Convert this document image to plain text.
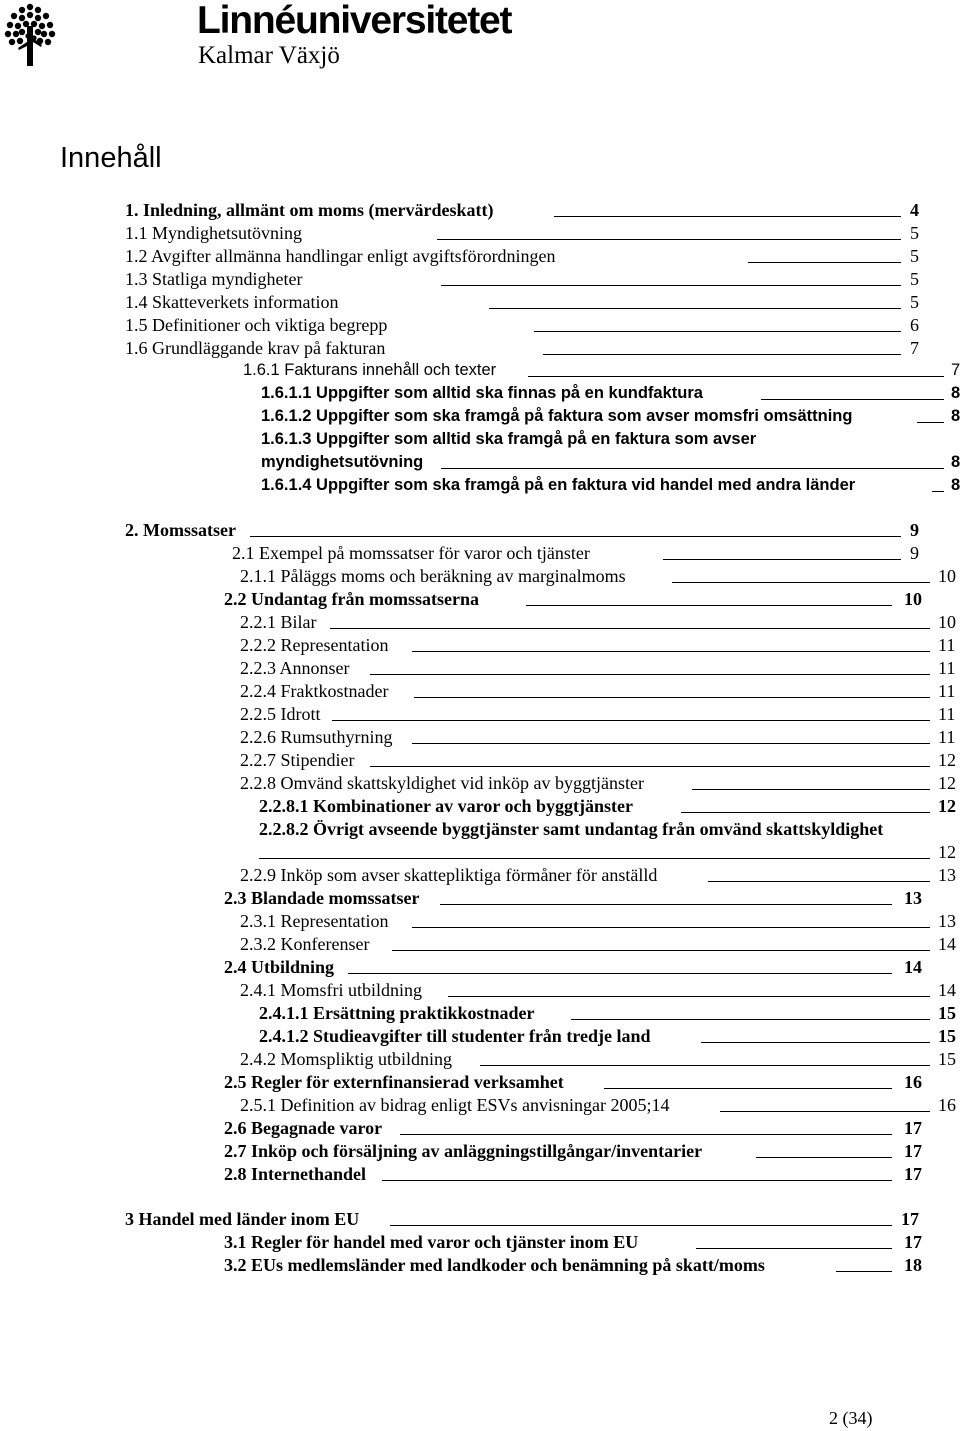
Linnéuniversitetet
Kalmar Växjö
Innehåll
1. Inledning, allmänt om moms (mervärdeskatt)	4
1.1 Myndighetsutövning	5
1.2 Avgifter allmänna handlingar enligt avgiftsförordningen	5
1.3 Statliga myndigheter	5
1.4 Skatteverkets information	5
1.5 Definitioner och viktiga begrepp	6
1.6 Grundläggande krav på fakturan	7
1.6.1 Fakturans innehåll och texter	7
1.6.1.1 Uppgifter som alltid ska finnas på en kundfaktura	8
1.6.1.2 Uppgifter som ska framgå på faktura som avser momsfri omsättning	8
1.6.1.3 Uppgifter som alltid ska framgå på en faktura som avser
myndighetsutövning	8
1.6.1.4 Uppgifter som ska framgå på en faktura vid handel med andra länder	8
2. Momssatser	9
2.1 Exempel på momssatser för varor och tjänster	9
2.1.1 Påläggs moms och beräkning av marginalmoms	10
2.2 Undantag från momssatserna	10
2.2.1 Bilar	10
2.2.2 Representation	11
2.2.3 Annonser	11
2.2.4 Fraktkostnader	11
2.2.5 Idrott	11
2.2.6 Rumsuthyrning	11
2.2.7 Stipendier	12
2.2.8 Omvänd skattskyldighet vid inköp av byggtjänster	12
2.2.8.1 Kombinationer av varor och byggtjänster	12
2.2.8.2 Övrigt avseende byggtjänster samt undantag från omvänd skattskyldighet
12
2.2.9 Inköp som avser skattepliktiga förmåner för anställd	13
2.3 Blandade momssatser	13
2.3.1 Representation	13
2.3.2 Konferenser	14
2.4 Utbildning	14
2.4.1 Momsfri utbildning	14
2.4.1.1 Ersättning praktikkostnader	15
2.4.1.2 Studieavgifter till studenter från tredje land	15
2.4.2 Momspliktig utbildning	15
2.5 Regler för externfinansierad verksamhet	16
2.5.1 Definition av bidrag enligt ESVs anvisningar 2005;14	16
2.6 Begagnade varor	17
2.7 Inköp och försäljning av anläggningstillgångar/inventarier	17
2.8 Internethandel	17
3 Handel med länder inom EU	17
3.1 Regler för handel med varor och tjänster inom EU	17
3.2 EUs medlemsländer med landkoder och benämning på skatt/moms	18
2 (34)
